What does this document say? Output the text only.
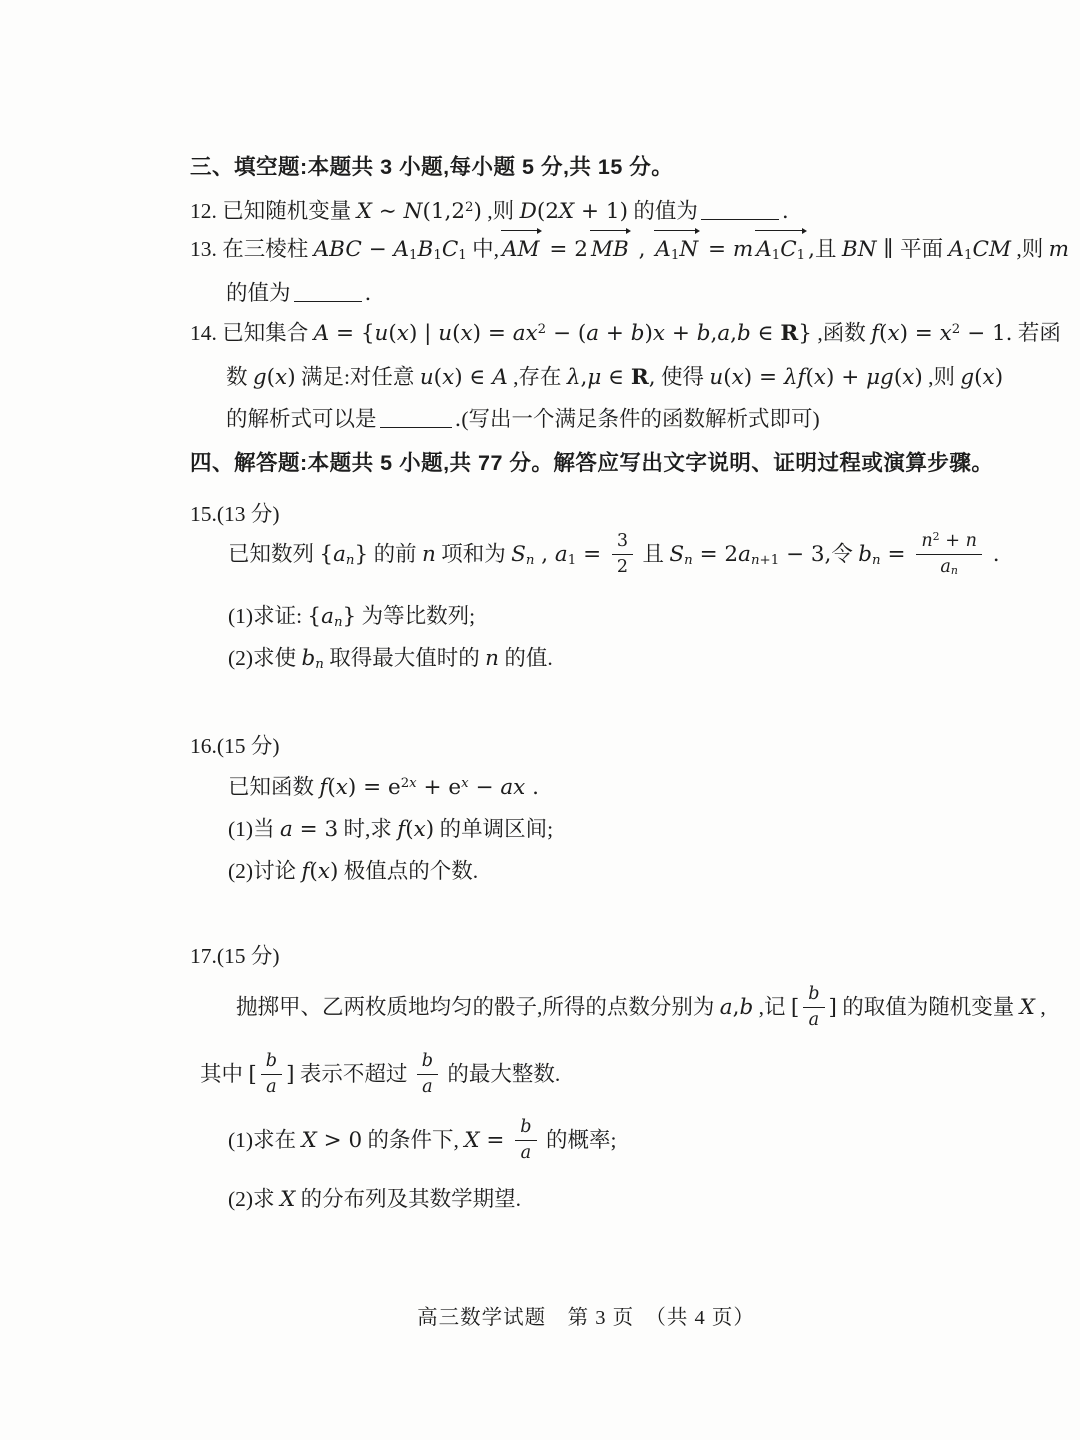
三、填空题:本题共 3 小题,每小题 5 分,共 15 分。
12. 已知随机变量 X ∼ $N(1,2^2)$ ,则 D(2X + 1) 的值为	.
13. 在三棱柱 ABC − $A_1B_1C_1$ 中, AM = 2 MB ,
$A_1N = m$ $A_1C_1$ ,且 BN ∥ 平面 $A_1CM$ ,则 m
的值为	.
14. 已知集合 A = {u(x) | $u(x) = ax^2 - (a + b)x + b,a,b$ ∈ R} ,函数 $f(x) = x^2 - 1$. 若函
数 g(x) 满足:对任意 u(x) ∈ A ,存在 λ,μ ∈ R, 使得 u(x) = λf(x) + μg(x) ,则 g(x)
的解析式可以是	.(写出一个满足条件的函数解析式即可)
四、解答题:本题共 5 小题,共 77 分。解答应写出文字说明、证明过程或演算步骤。
15.(13 分)
已知数列 $\{a_n\}$ 的前 n 项和为 $S_n$ , $a_1 = \frac{3}{2}$ 且 $S_n = 2a_{n+1} - 3$,令 $b_n = \frac{n^2 + n}{a_n}$ .
(1)求证: $\{a_n\}$ 为等比数列;
(2)求使 $b_n$ 取得最大值时的 n 的值.
16.(15 分)
已知函数 $f(x) = e^{2x} + e^x$ − ax .
(1)当 a = 3 时,求 f(x) 的单调区间;
(2)讨论 f(x) 极值点的个数.
17.(15 分)
抛掷甲、乙两枚质地均匀的骰子,所得的点数分别为 a,b ,记 [ $\frac{b}{a}$ ] 的取值为随机变量 X ,
其中 [ $\frac{b}{a}$ ] 表示不超过 $\frac{b}{a}$ 的最大整数.
(1)求在 X > 0 的条件下, $X = \frac{b}{a}$ 的概率;
(2)求 X 的分布列及其数学期望.
高三数学试题　第 3 页　（共 4 页）
